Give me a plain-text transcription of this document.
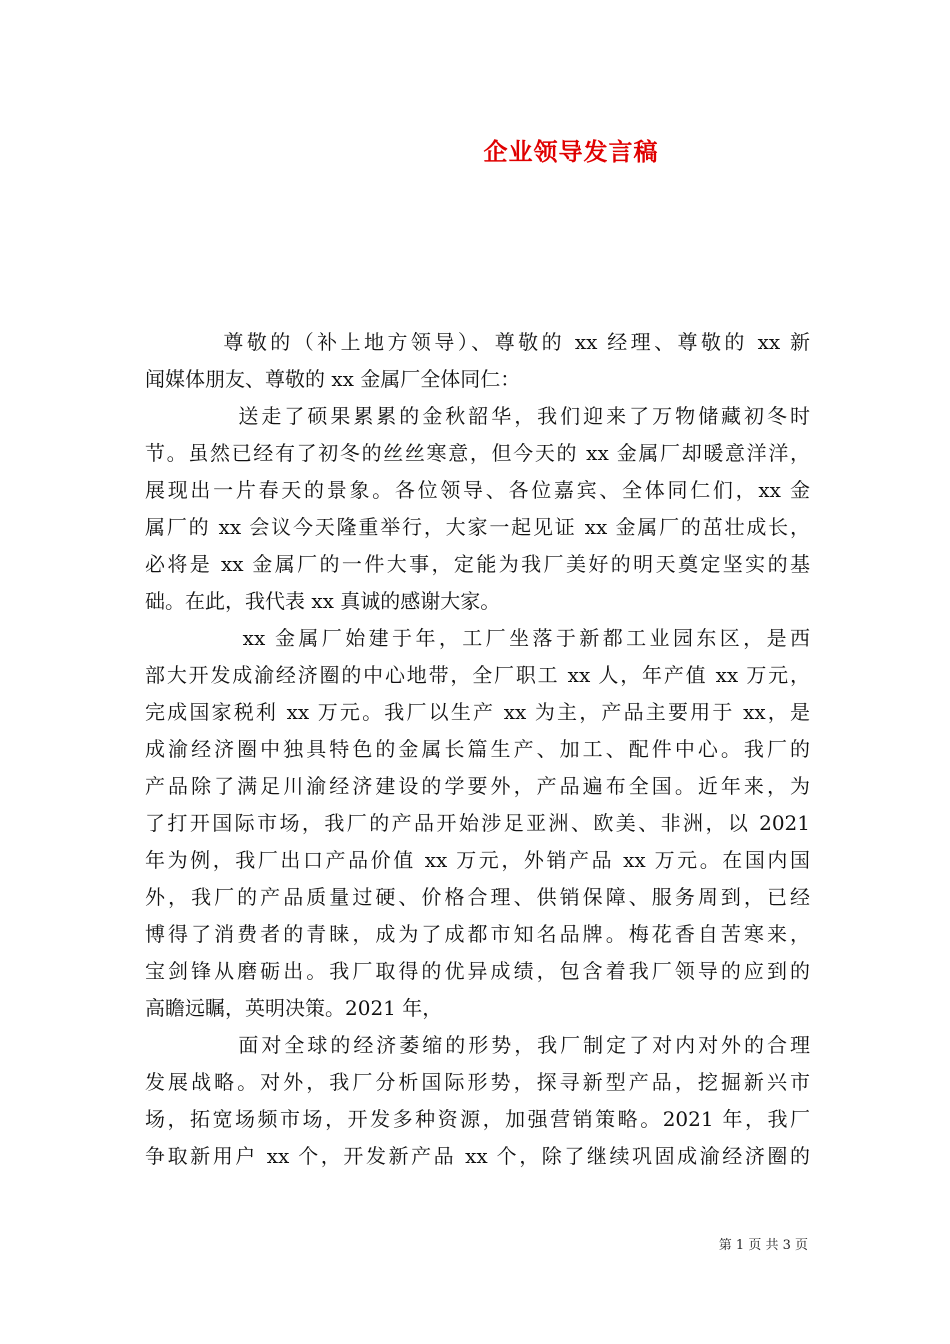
企业领导发言稿
尊敬的（补上地方领导）、尊敬的 xx 经理、尊敬的 xx 新
闻媒体朋友、尊敬的 xx 金属厂全体同仁：
送走了硕果累累的金秋韶华，我们迎来了万物储藏初冬时
节。虽然已经有了初冬的丝丝寒意，但今天的 xx 金属厂却暖意洋洋，
展现出一片春天的景象。各位领导、各位嘉宾、全体同仁们，xx 金
属厂的 xx 会议今天隆重举行，大家一起见证 xx 金属厂的茁壮成长，
必将是 xx 金属厂的一件大事，定能为我厂美好的明天奠定坚实的基
础。在此，我代表 xx 真诚的感谢大家。
xx 金属厂始建于年，工厂坐落于新都工业园东区，是西
部大开发成渝经济圈的中心地带，全厂职工 xx 人，年产值 xx 万元，
完成国家税利 xx 万元。我厂以生产 xx 为主，产品主要用于 xx，是
成渝经济圈中独具特色的金属长篇生产、加工、配件中心。我厂的
产品除了满足川渝经济建设的学要外，产品遍布全国。近年来，为
了打开国际市场，我厂的产品开始涉足亚洲、欧美、非洲，以 2021
年为例，我厂出口产品价值 xx 万元，外销产品 xx 万元。在国内国
外，我厂的产品质量过硬、价格合理、供销保障、服务周到，已经
博得了消费者的青睐，成为了成都市知名品牌。梅花香自苦寒来，
宝剑锋从磨砺出。我厂取得的优异成绩，包含着我厂领导的应到的
高瞻远瞩，英明决策。2021 年，
面对全球的经济萎缩的形势，我厂制定了对内对外的合理
发展战略。对外，我厂分析国际形势，探寻新型产品，挖掘新兴市
场，拓宽场频市场，开发多种资源，加强营销策略。2021 年，我厂
争取新用户 xx 个，开发新产品 xx 个，除了继续巩固成渝经济圈的
第 1 页 共 3 页
